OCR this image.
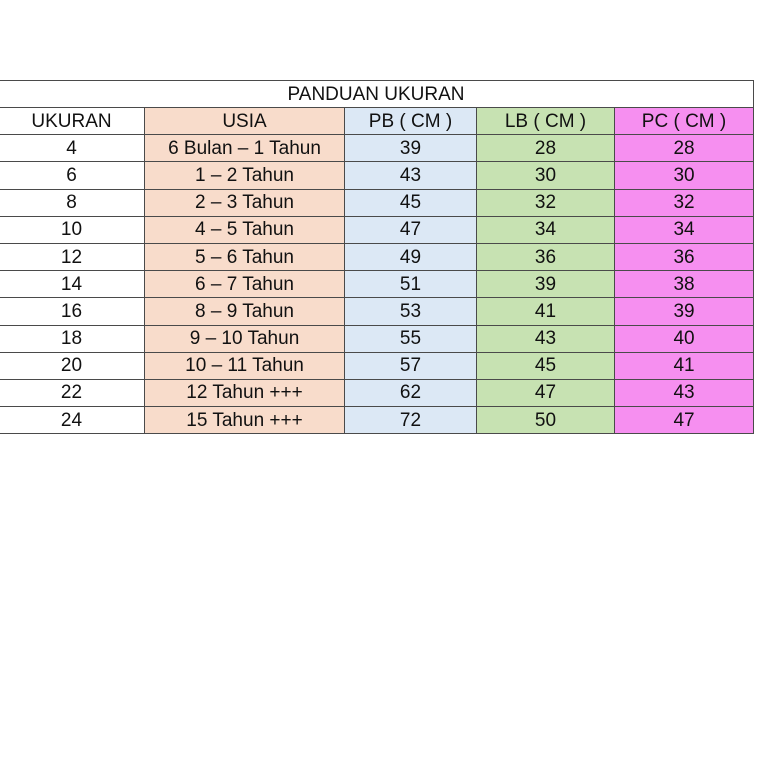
PANDUAN UKURAN				
UKURAN	USIA	PB ( CM )	LB ( CM )	PC ( CM )
4	6 Bulan – 1 Tahun	39	28	28
6	1 – 2 Tahun	43	30	30
8	2 – 3 Tahun	45	32	32
10	4 – 5 Tahun	47	34	34
12	5 – 6 Tahun	49	36	36
14	6 – 7 Tahun	51	39	38
16	8 – 9 Tahun	53	41	39
18	9 – 10 Tahun	55	43	40
20	10 – 11 Tahun	57	45	41
22	12 Tahun +++	62	47	43
24	15 Tahun +++	72	50	47
